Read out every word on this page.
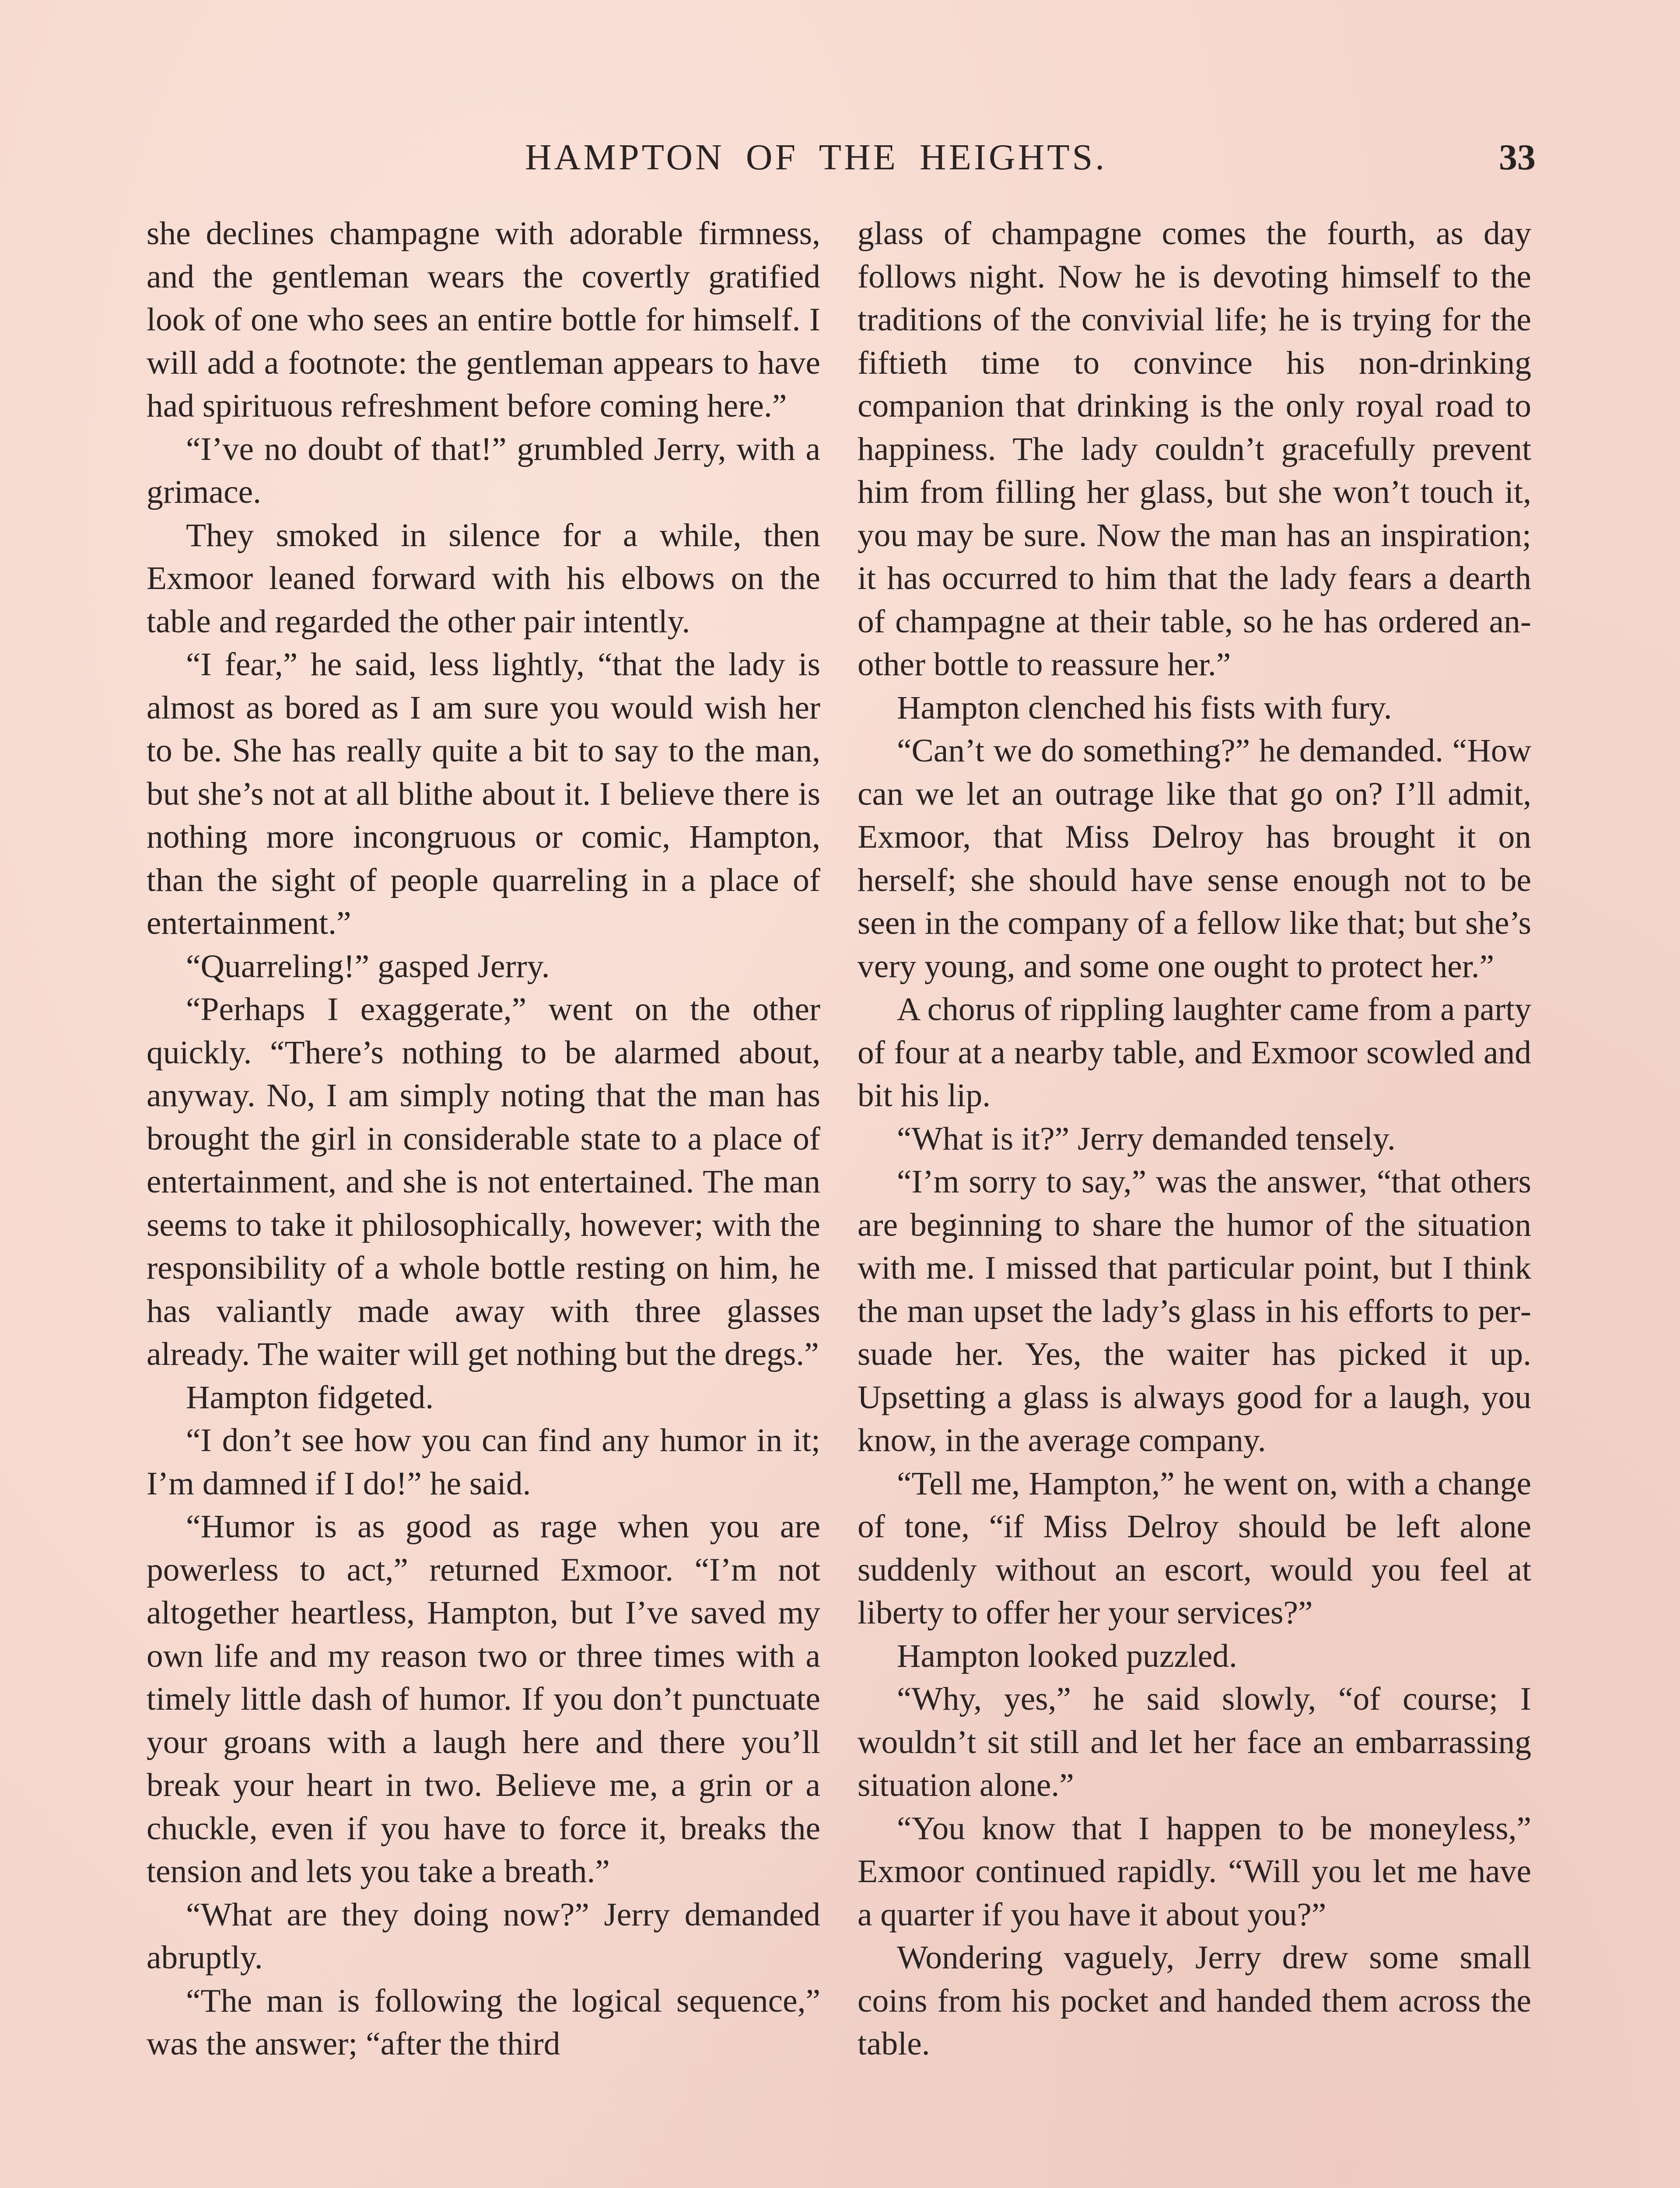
HAMPTON OF THE HEIGHTS.	33

she declines champagne with adorable firmness, and the gentleman wears the covertly gratified look of one who sees an entire bottle for himself. I will add a footnote: the gentleman appears to have had spirituous refreshment before coming here.”

“I’ve no doubt of that!” grumbled Jerry, with a grimace.

They smoked in silence for a while, then Exmoor leaned forward with his elbows on the table and regarded the other pair intently.

“I fear,” he said, less lightly, “that the lady is almost as bored as I am sure you would wish her to be. She has really quite a bit to say to the man, but she’s not at all blithe about it. I believe there is nothing more incongruous or comic, Hampton, than the sight of people quarreling in a place of entertainment.”

“Quarreling!” gasped Jerry.

“Perhaps I exaggerate,” went on the other quickly. “There’s nothing to be alarmed about, anyway. No, I am simply noting that the man has brought the girl in considerable state to a place of entertainment, and she is not entertained. The man seems to take it philosophically, however; with the responsibility of a whole bottle resting on him, he has valiantly made away with three glasses already. The waiter will get nothing but the dregs.”

Hampton fidgeted.

“I don’t see how you can find any humor in it; I’m damned if I do!” he said.

“Humor is as good as rage when you are powerless to act,” returned Exmoor. “I’m not altogether heartless, Hampton, but I’ve saved my own life and my reason two or three times with a timely little dash of humor. If you don’t punctuate your groans with a laugh here and there you’ll break your heart in two. Believe me, a grin or a chuckle, even if you have to force it, breaks the tension and lets you take a breath.”

“What are they doing now?” Jerry demanded abruptly.

“The man is following the logical sequence,” was the answer; “after the third

glass of champagne comes the fourth, as day follows night. Now he is devoting himself to the traditions of the convivial life; he is trying for the fiftieth time to convince his non-drinking companion that drinking is the only royal road to happiness. The lady couldn’t gracefully prevent him from filling her glass, but she won’t touch it, you may be sure. Now the man has an inspiration; it has occurred to him that the lady fears a dearth of champagne at their table, so he has ordered another bottle to reassure her.”

Hampton clenched his fists with fury.

“Can’t we do something?” he demanded. “How can we let an outrage like that go on? I’ll admit, Exmoor, that Miss Delroy has brought it on herself; she should have sense enough not to be seen in the company of a fellow like that; but she’s very young, and some one ought to protect her.”

A chorus of rippling laughter came from a party of four at a nearby table, and Exmoor scowled and bit his lip.

“What is it?” Jerry demanded tensely.

“I’m sorry to say,” was the answer, “that others are beginning to share the humor of the situation with me. I missed that particular point, but I think the man upset the lady’s glass in his efforts to persuade her. Yes, the waiter has picked it up. Upsetting a glass is always good for a laugh, you know, in the average company.

“Tell me, Hampton,” he went on, with a change of tone, “if Miss Delroy should be left alone suddenly without an escort, would you feel at liberty to offer her your services?”

Hampton looked puzzled.

“Why, yes,” he said slowly, “of course; I wouldn’t sit still and let her face an embarrassing situation alone.”

“You know that I happen to be moneyless,” Exmoor continued rapidly. “Will you let me have a quarter if you have it about you?”

Wondering vaguely, Jerry drew some small coins from his pocket and handed them across the table.
